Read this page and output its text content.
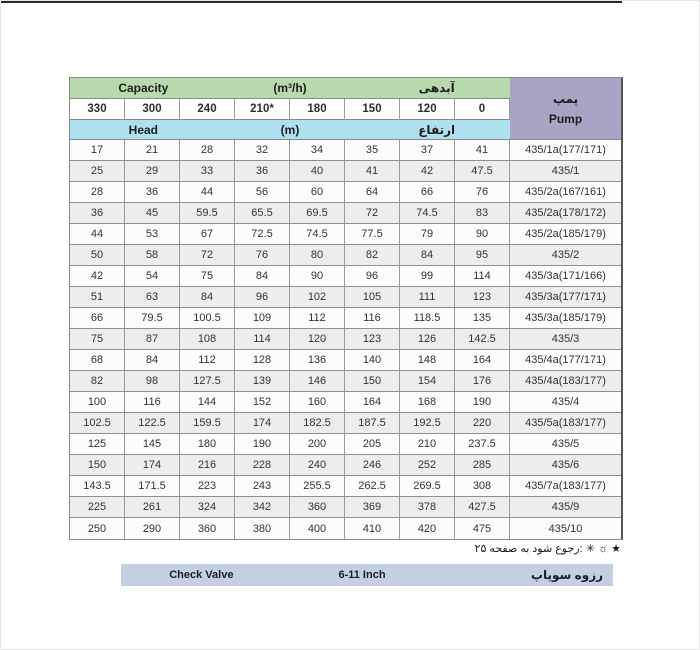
Capacity	(m³/h)	آبدهی
330	300	240	210*	180	150	120	0
Head	(m)	ارتفاع
پمپ
Pump
17	21	28	32	34	35	37	41	435/1a(177/171)
25	29	33	36	40	41	42	47.5	435/1
28	36	44	56	60	64	66	76	435/2a(167/161)
36	45	59.5	65.5	69.5	72	74.5	83	435/2a(178/172)
44	53	67	72.5	74.5	77.5	79	90	435/2a(185/179)
50	58	72	76	80	82	84	95	435/2
42	54	75	84	90	96	99	114	435/3a(171/166)
51	63	84	96	102	105	111	123	435/3a(177/171)
66	79.5	100.5	109	112	116	118.5	135	435/3a(185/179)
75	87	108	114	120	123	126	142.5	435/3
68	84	112	128	136	140	148	164	435/4a(177/171)
82	98	127.5	139	146	150	154	176	435/4a(183/177)
100	116	144	152	160	164	168	190	435/4
102.5	122.5	159.5	174	182.5	187.5	192.5	220	435/5a(183/177)
125	145	180	190	200	205	210	237.5	435/5
150	174	216	228	240	246	252	285	435/6
143.5	171.5	223	243	255.5	262.5	269.5	308	435/7a(183/177)
225	261	324	342	360	369	378	427.5	435/9
250	290	360	380	400	410	420	475	435/10
★ ☼ ✳ :رجوع شود به صفحه ۲۵
Check Valve	6-11 Inch	رزوه سوپاپ
